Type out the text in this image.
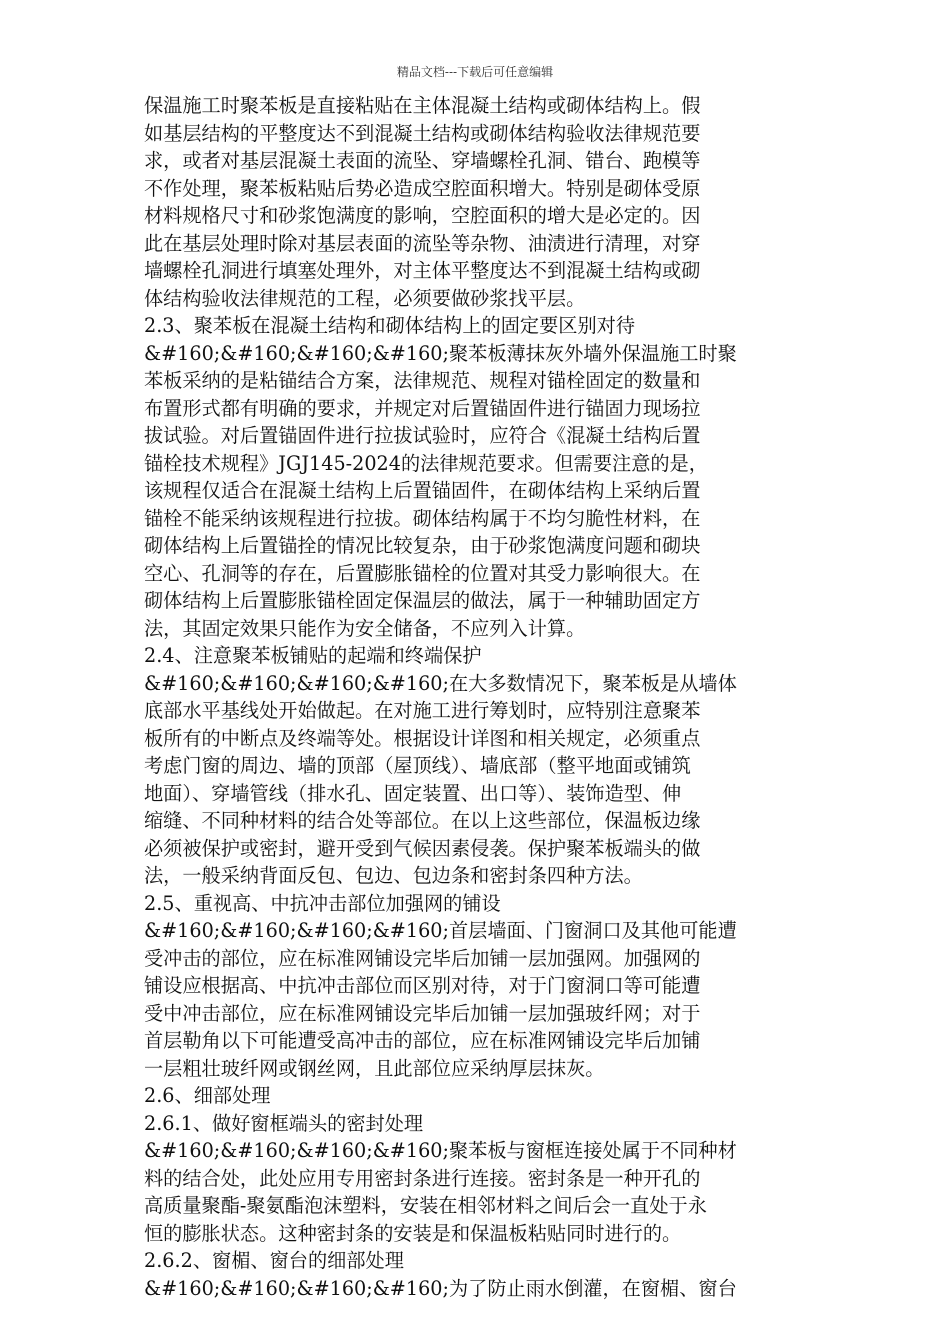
精品文档---下载后可任意编辑
保温施工时聚苯板是直接粘贴在主体混凝土结构或砌体结构上。假
如基层结构的平整度达不到混凝土结构或砌体结构验收法律规范要
求，或者对基层混凝土表面的流坠、穿墙螺栓孔洞、错台、跑模等
不作处理，聚苯板粘贴后势必造成空腔面积增大。特别是砌体受原
材料规格尺寸和砂浆饱满度的影响，空腔面积的增大是必定的。因
此在基层处理时除对基层表面的流坠等杂物、油渍进行清理，对穿
墙螺栓孔洞进行填塞处理外，对主体平整度达不到混凝土结构或砌
体结构验收法律规范的工程，必须要做砂浆找平层。
2.3、聚苯板在混凝土结构和砌体结构上的固定要区别对待
&#160;&#160;&#160;&#160;聚苯板薄抹灰外墙外保温施工时聚
苯板采纳的是粘锚结合方案，法律规范、规程对锚栓固定的数量和
布置形式都有明确的要求，并规定对后置锚固件进行锚固力现场拉
拔试验。对后置锚固件进行拉拔试验时，应符合《混凝土结构后置
锚栓技术规程》JGJ145-2024的法律规范要求。但需要注意的是，
该规程仅适合在混凝土结构上后置锚固件，在砌体结构上采纳后置
锚栓不能采纳该规程进行拉拔。砌体结构属于不均匀脆性材料，在
砌体结构上后置锚拴的情况比较复杂，由于砂浆饱满度问题和砌块
空心、孔洞等的存在，后置膨胀锚栓的位置对其受力影响很大。在
砌体结构上后置膨胀锚栓固定保温层的做法，属于一种辅助固定方
法，其固定效果只能作为安全储备，不应列入计算。
2.4、注意聚苯板铺贴的起端和终端保护
&#160;&#160;&#160;&#160;在大多数情况下，聚苯板是从墙体
底部水平基线处开始做起。在对施工进行筹划时，应特别注意聚苯
板所有的中断点及终端等处。根据设计详图和相关规定，必须重点
考虑门窗的周边、墙的顶部（屋顶线）、墙底部（整平地面或铺筑
地面）、穿墙管线（排水孔、固定装置、出口等）、装饰造型、伸
缩缝、不同种材料的结合处等部位。在以上这些部位，保温板边缘
必须被保护或密封，避开受到气候因素侵袭。保护聚苯板端头的做
法，一般采纳背面反包、包边、包边条和密封条四种方法。
2.5、重视高、中抗冲击部位加强网的铺设
&#160;&#160;&#160;&#160;首层墙面、门窗洞口及其他可能遭
受冲击的部位，应在标准网铺设完毕后加铺一层加强网。加强网的
铺设应根据高、中抗冲击部位而区别对待，对于门窗洞口等可能遭
受中冲击部位，应在标准网铺设完毕后加铺一层加强玻纤网；对于
首层勒角以下可能遭受高冲击的部位，应在标准网铺设完毕后加铺
一层粗壮玻纤网或钢丝网，且此部位应采纳厚层抹灰。
2.6、细部处理
2.6.1、做好窗框端头的密封处理
&#160;&#160;&#160;&#160;聚苯板与窗框连接处属于不同种材
料的结合处，此处应用专用密封条进行连接。密封条是一种开孔的
高质量聚酯-聚氨酯泡沫塑料，安装在相邻材料之间后会一直处于永
恒的膨胀状态。这种密封条的安装是和保温板粘贴同时进行的。
2.6.2、窗楣、窗台的细部处理
&#160;&#160;&#160;&#160;为了防止雨水倒灌，在窗楣、窗台
